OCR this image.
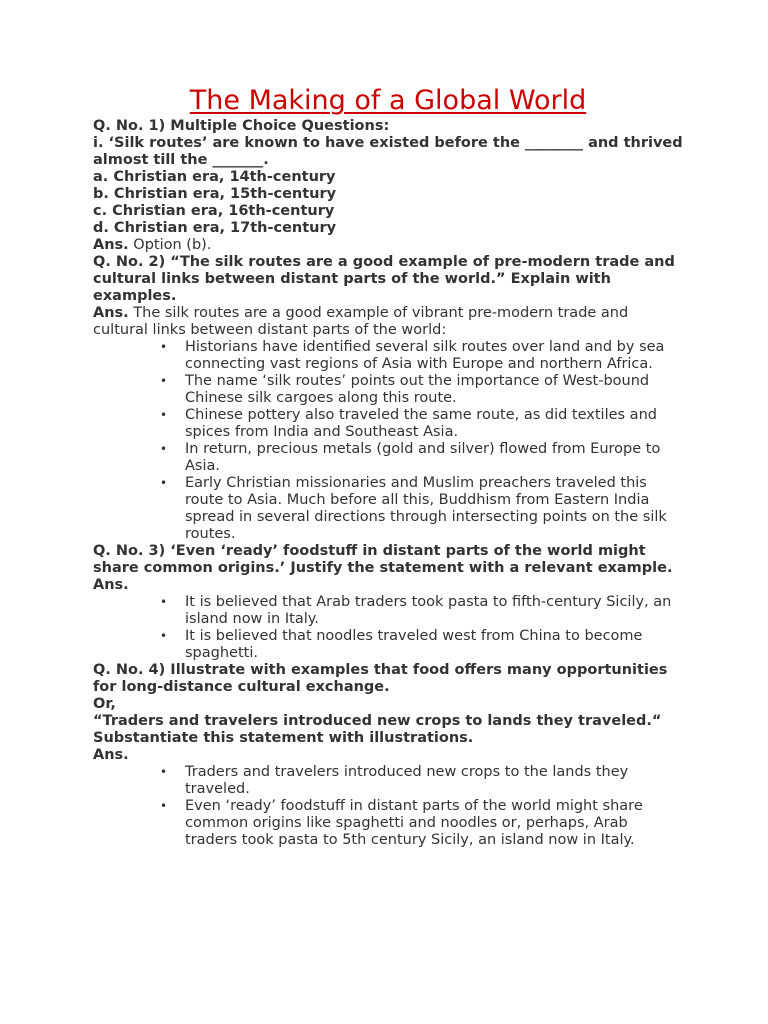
The Making of a Global World

Q. No. 1) Multiple Choice Questions:

i. ‘Silk routes’ are known to have existed before the ________ and thrived almost till the _______.

a. Christian era, 14th-century

b. Christian era, 15th-century

c. Christian era, 16th-century

d. Christian era, 17th-century

Ans. Option (b).

Q. No. 2) “The silk routes are a good example of pre-modern trade and cultural links between distant parts of the world.” Explain with examples.

Ans. The silk routes are a good example of vibrant pre-modern trade and cultural links between distant parts of the world:

• Historians have identified several silk routes over land and by sea connecting vast regions of Asia with Europe and northern Africa.
• The name ‘silk routes’ points out the importance of West-bound Chinese silk cargoes along this route.
• Chinese pottery also traveled the same route, as did textiles and spices from India and Southeast Asia.
• In return, precious metals (gold and silver) flowed from Europe to Asia.
• Early Christian missionaries and Muslim preachers traveled this route to Asia. Much before all this, Buddhism from Eastern India spread in several directions through intersecting points on the silk routes.

Q. No. 3) ‘Even ‘ready’ foodstuff in distant parts of the world might share common origins.’ Justify the statement with a relevant example.

Ans.

• It is believed that Arab traders took pasta to fifth-century Sicily, an island now in Italy.
• It is believed that noodles traveled west from China to become spaghetti.

Q. No. 4) Illustrate with examples that food offers many opportunities for long-distance cultural exchange.

Or,

“Traders and travelers introduced new crops to lands they traveled.“ Substantiate this statement with illustrations.

Ans.

• Traders and travelers introduced new crops to the lands they traveled.
• Even ‘ready’ foodstuff in distant parts of the world might share common origins like spaghetti and noodles or, perhaps, Arab traders took pasta to 5th century Sicily, an island now in Italy.
